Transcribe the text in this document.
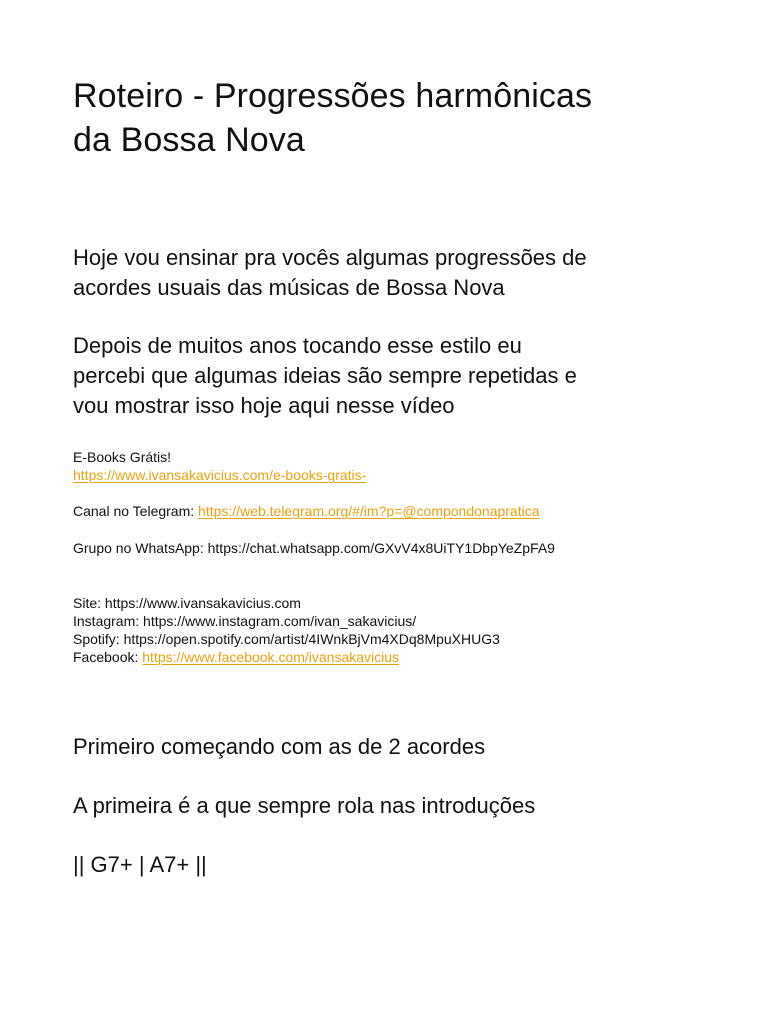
Roteiro - Progressões harmônicas
da Bossa Nova

Hoje vou ensinar pra vocês algumas progressões de
acordes usuais das músicas de Bossa Nova

Depois de muitos anos tocando esse estilo eu
percebi que algumas ideias são sempre repetidas e
vou mostrar isso hoje aqui nesse vídeo

E-Books Grátis!
https://www.ivansakavicius.com/e-books-gratis-

Canal no Telegram: https://web.telegram.org/#/im?p=@compondonapratica

Grupo no WhatsApp: https://chat.whatsapp.com/GXvV4x8UiTY1DbpYeZpFA9

Site: https://www.ivansakavicius.com
Instagram: https://www.instagram.com/ivan_sakavicius/
Spotify: https://open.spotify.com/artist/4IWnkBjVm4XDq8MpuXHUG3
Facebook: https://www.facebook.com/ivansakavicius

Primeiro começando com as de 2 acordes

A primeira é a que sempre rola nas introduções

|| G7+ | A7+ ||
